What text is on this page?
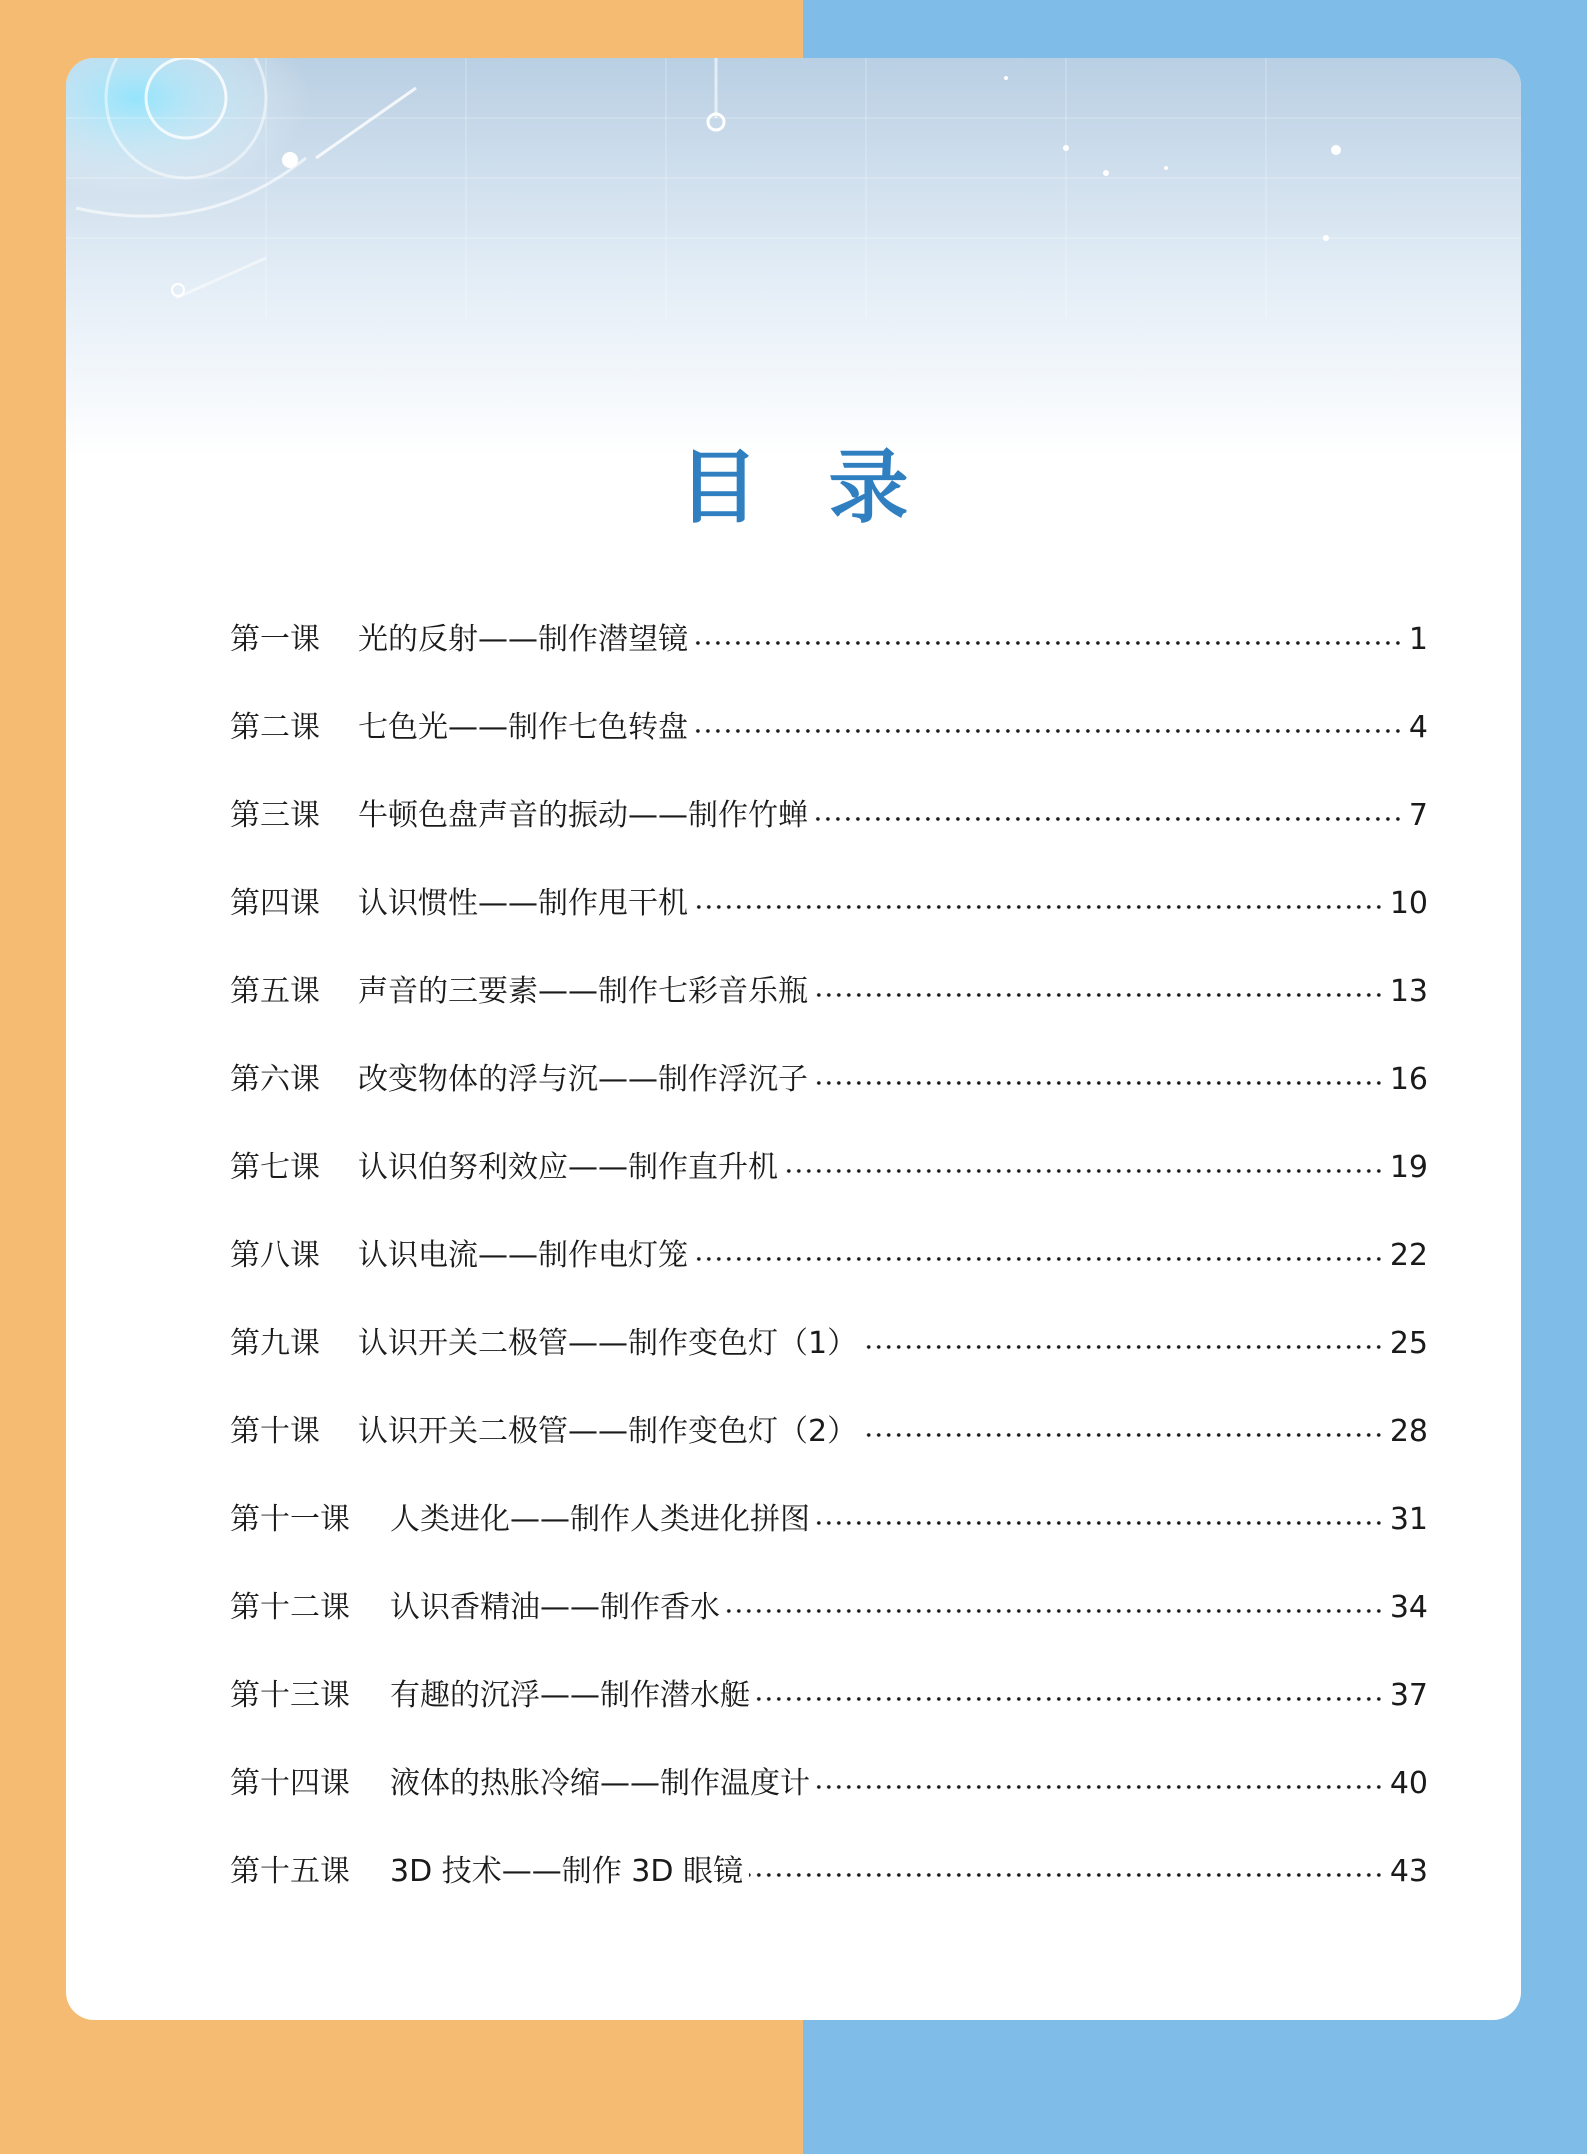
目录
第一课	光的反射——制作潜望镜	1
第二课	七色光——制作七色转盘	4
第三课	牛顿色盘声音的振动——制作竹蝉	7
第四课	认识惯性——制作甩干机	10
第五课	声音的三要素——制作七彩音乐瓶	13
第六课	改变物体的浮与沉——制作浮沉子	16
第七课	认识伯努利效应——制作直升机	19
第八课	认识电流——制作电灯笼	22
第九课	认识开关二极管——制作变色灯（1）	25
第十课	认识开关二极管——制作变色灯（2）	28
第十一课	人类进化——制作人类进化拼图	31
第十二课	认识香精油——制作香水	34
第十三课	有趣的沉浮——制作潜水艇	37
第十四课	液体的热胀冷缩——制作温度计	40
第十五课	3D 技术——制作 3D 眼镜	43
